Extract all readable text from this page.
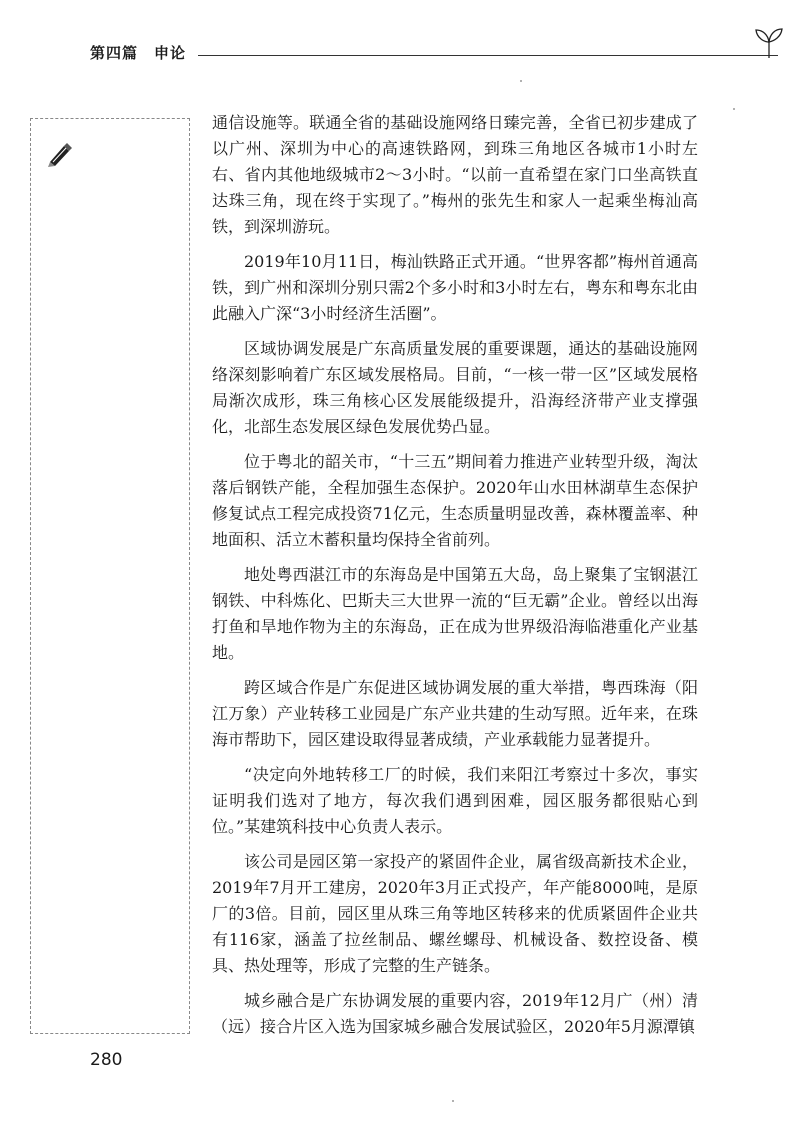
第四篇　申论

通信设施等。联通全省的基础设施网络日臻完善，全省已初步建成了以广州、深圳为中心的高速铁路网，到珠三角地区各城市1小时左右、省内其他地级城市2～3小时。“以前一直希望在家门口坐高铁直达珠三角，现在终于实现了。”梅州的张先生和家人一起乘坐梅汕高铁，到深圳游玩。

2019年10月11日，梅汕铁路正式开通。“世界客都”梅州首通高铁，到广州和深圳分别只需2个多小时和3小时左右，粤东和粤东北由此融入广深“3小时经济生活圈”。

区域协调发展是广东高质量发展的重要课题，通达的基础设施网络深刻影响着广东区域发展格局。目前，“一核一带一区”区域发展格局渐次成形，珠三角核心区发展能级提升，沿海经济带产业支撑强化，北部生态发展区绿色发展优势凸显。

位于粤北的韶关市，“十三五”期间着力推进产业转型升级，淘汰落后钢铁产能，全程加强生态保护。2020年山水田林湖草生态保护修复试点工程完成投资71亿元，生态质量明显改善，森林覆盖率、种地面积、活立木蓄积量均保持全省前列。

地处粤西湛江市的东海岛是中国第五大岛，岛上聚集了宝钢湛江钢铁、中科炼化、巴斯夫三大世界一流的“巨无霸”企业。曾经以出海打鱼和旱地作物为主的东海岛，正在成为世界级沿海临港重化产业基地。

跨区域合作是广东促进区域协调发展的重大举措，粤西珠海（阳江万象）产业转移工业园是广东产业共建的生动写照。近年来，在珠海市帮助下，园区建设取得显著成绩，产业承载能力显著提升。

“决定向外地转移工厂的时候，我们来阳江考察过十多次，事实证明我们选对了地方，每次我们遇到困难，园区服务都很贴心到位。”某建筑科技中心负责人表示。

该公司是园区第一家投产的紧固件企业，属省级高新技术企业，2019年7月开工建房，2020年3月正式投产，年产能8000吨，是原厂的3倍。目前，园区里从珠三角等地区转移来的优质紧固件企业共有116家，涵盖了拉丝制品、螺丝螺母、机械设备、数控设备、模具、热处理等，形成了完整的生产链条。

城乡融合是广东协调发展的重要内容，2019年12月广（州）清（远）接合片区入选为国家城乡融合发展试验区，2020年5月源潭镇

280
